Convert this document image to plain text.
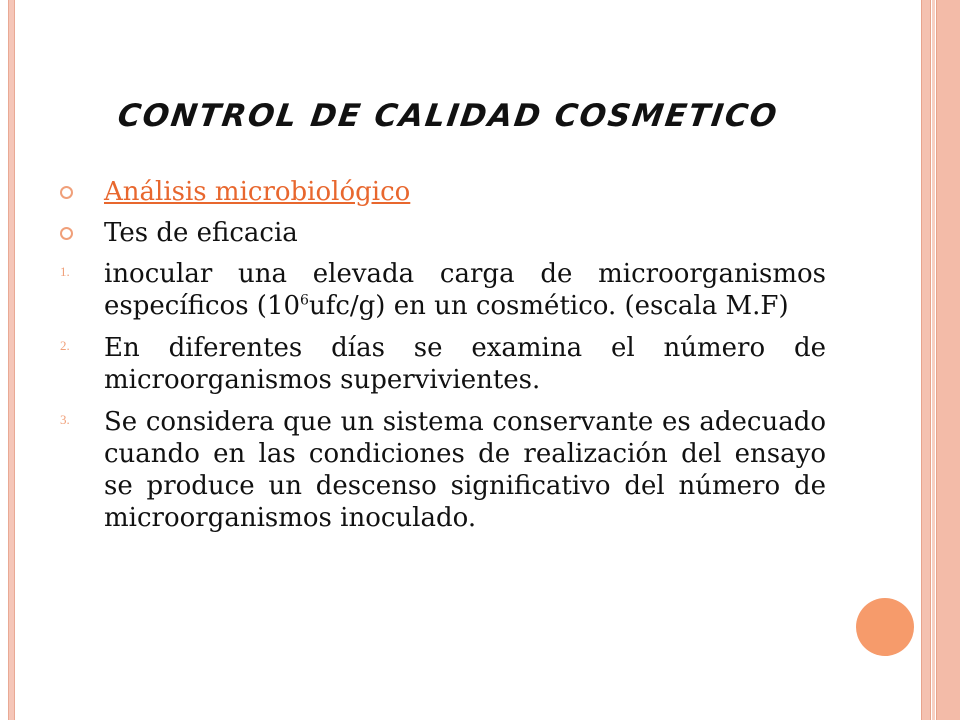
CONTROL DE CALIDAD COSMETICO
Análisis microbiológico
Tes de eficacia
1. inocular una elevada carga de microorganismos específicos $(10^6ufc/g)$ en un cosmético. (escala M.F)
2. En diferentes días se examina el número de microorganismos supervivientes.
3. Se considera que un sistema conservante es adecuado cuando en las condiciones de realización del ensayo se produce un descenso significativo del número de microorganismos inoculado.
